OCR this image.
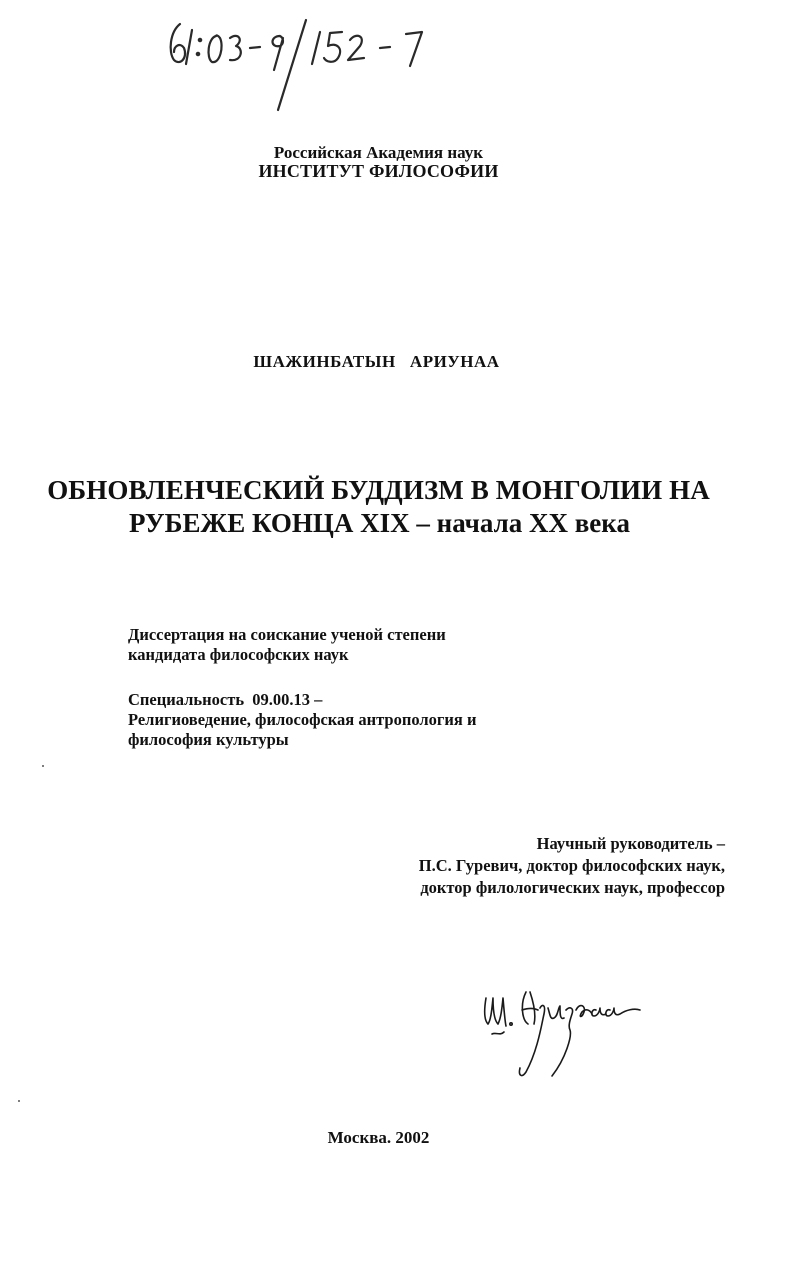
Российская Академия наук
ИНСТИТУТ ФИЛОСОФИИ
ШАЖИНБАТЫН   АРИУНАА
ОБНОВЛЕНЧЕСКИЙ БУДДИЗМ В МОНГОЛИИ НА
РУБЕЖЕ КОНЦА XIX – начала XX века
Диссертация на соискание ученой степени
кандидата философских наук
Специальность  09.00.13 –
Религиоведение, философская антропология и
философия культуры
Научный руководитель –
П.С. Гуревич, доктор философских наук,
доктор филологических наук, профессор
Москва. 2002
